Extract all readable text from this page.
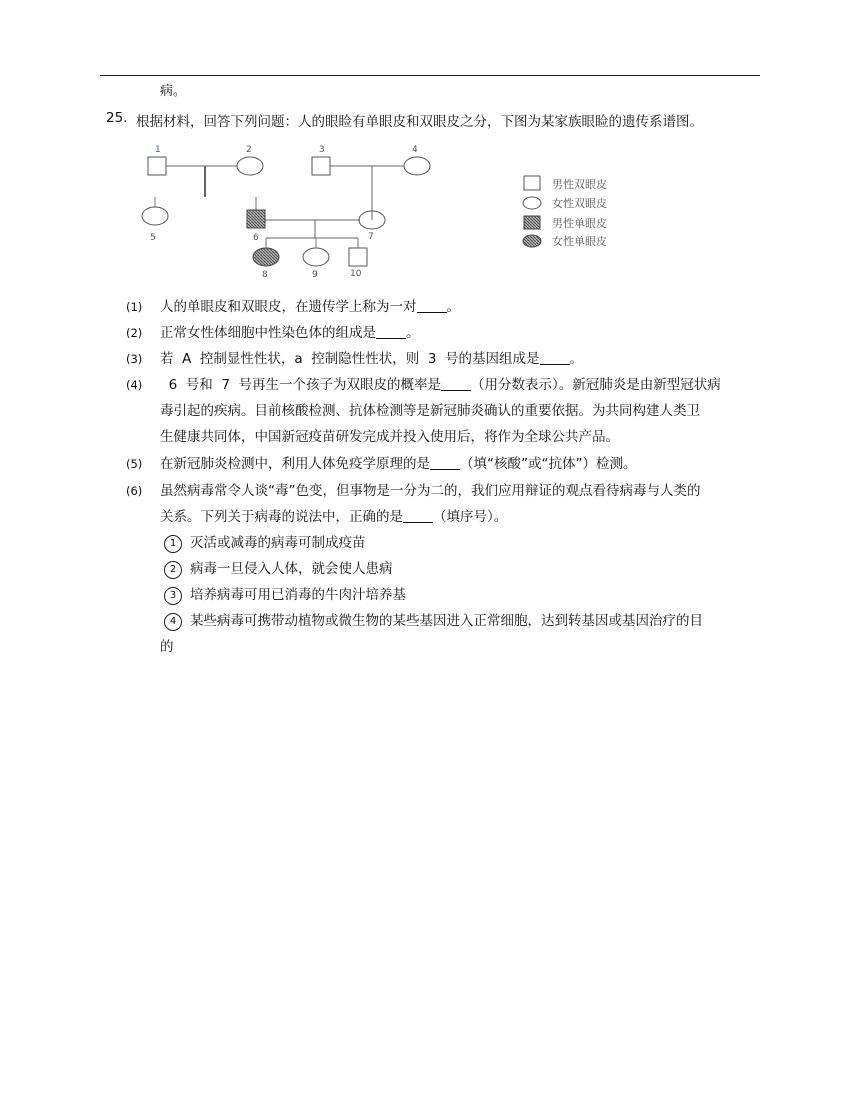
病。
25. 根据材料，回答下列问题：人的眼睑有单眼皮和双眼皮之分，下图为某家族眼睑的遗传系谱图。
1	2	3	4
5	6	7
8	9	10
男性双眼皮
女性双眼皮
男性单眼皮
女性单眼皮
(1) 人的单眼皮和双眼皮，在遗传学上称为一对 。
(2) 正常女性体细胞中性染色体的组成是 。
(3) 若  A  控制显性性状，a  控制隐性性状，则  3  号的基因组成是 。
(4) 6  号和  7  号再生一个孩子为双眼皮的概率是 （用分数表示）。新冠肺炎是由新型冠状病
毒引起的疾病。目前核酸检测、抗体检测等是新冠肺炎确认的重要依据。为共同构建人类卫
生健康共同体，中国新冠疫苗研发完成并投入使用后，将作为全球公共产品。
(5) 在新冠肺炎检测中，利用人体免疫学原理的是 （填“核酸”或“抗体”）检测。
(6) 虽然病毒常令人谈“毒”色变，但事物是一分为二的，我们应用辩证的观点看待病毒与人类的
关系。下列关于病毒的说法中，正确的是 （填序号）。
1 灭活或减毒的病毒可制成疫苗
2 病毒一旦侵入人体，就会使人患病
3 培养病毒可用已消毒的牛肉汁培养基
4 某些病毒可携带动植物或微生物的某些基因进入正常细胞，达到转基因或基因治疗的目
的
